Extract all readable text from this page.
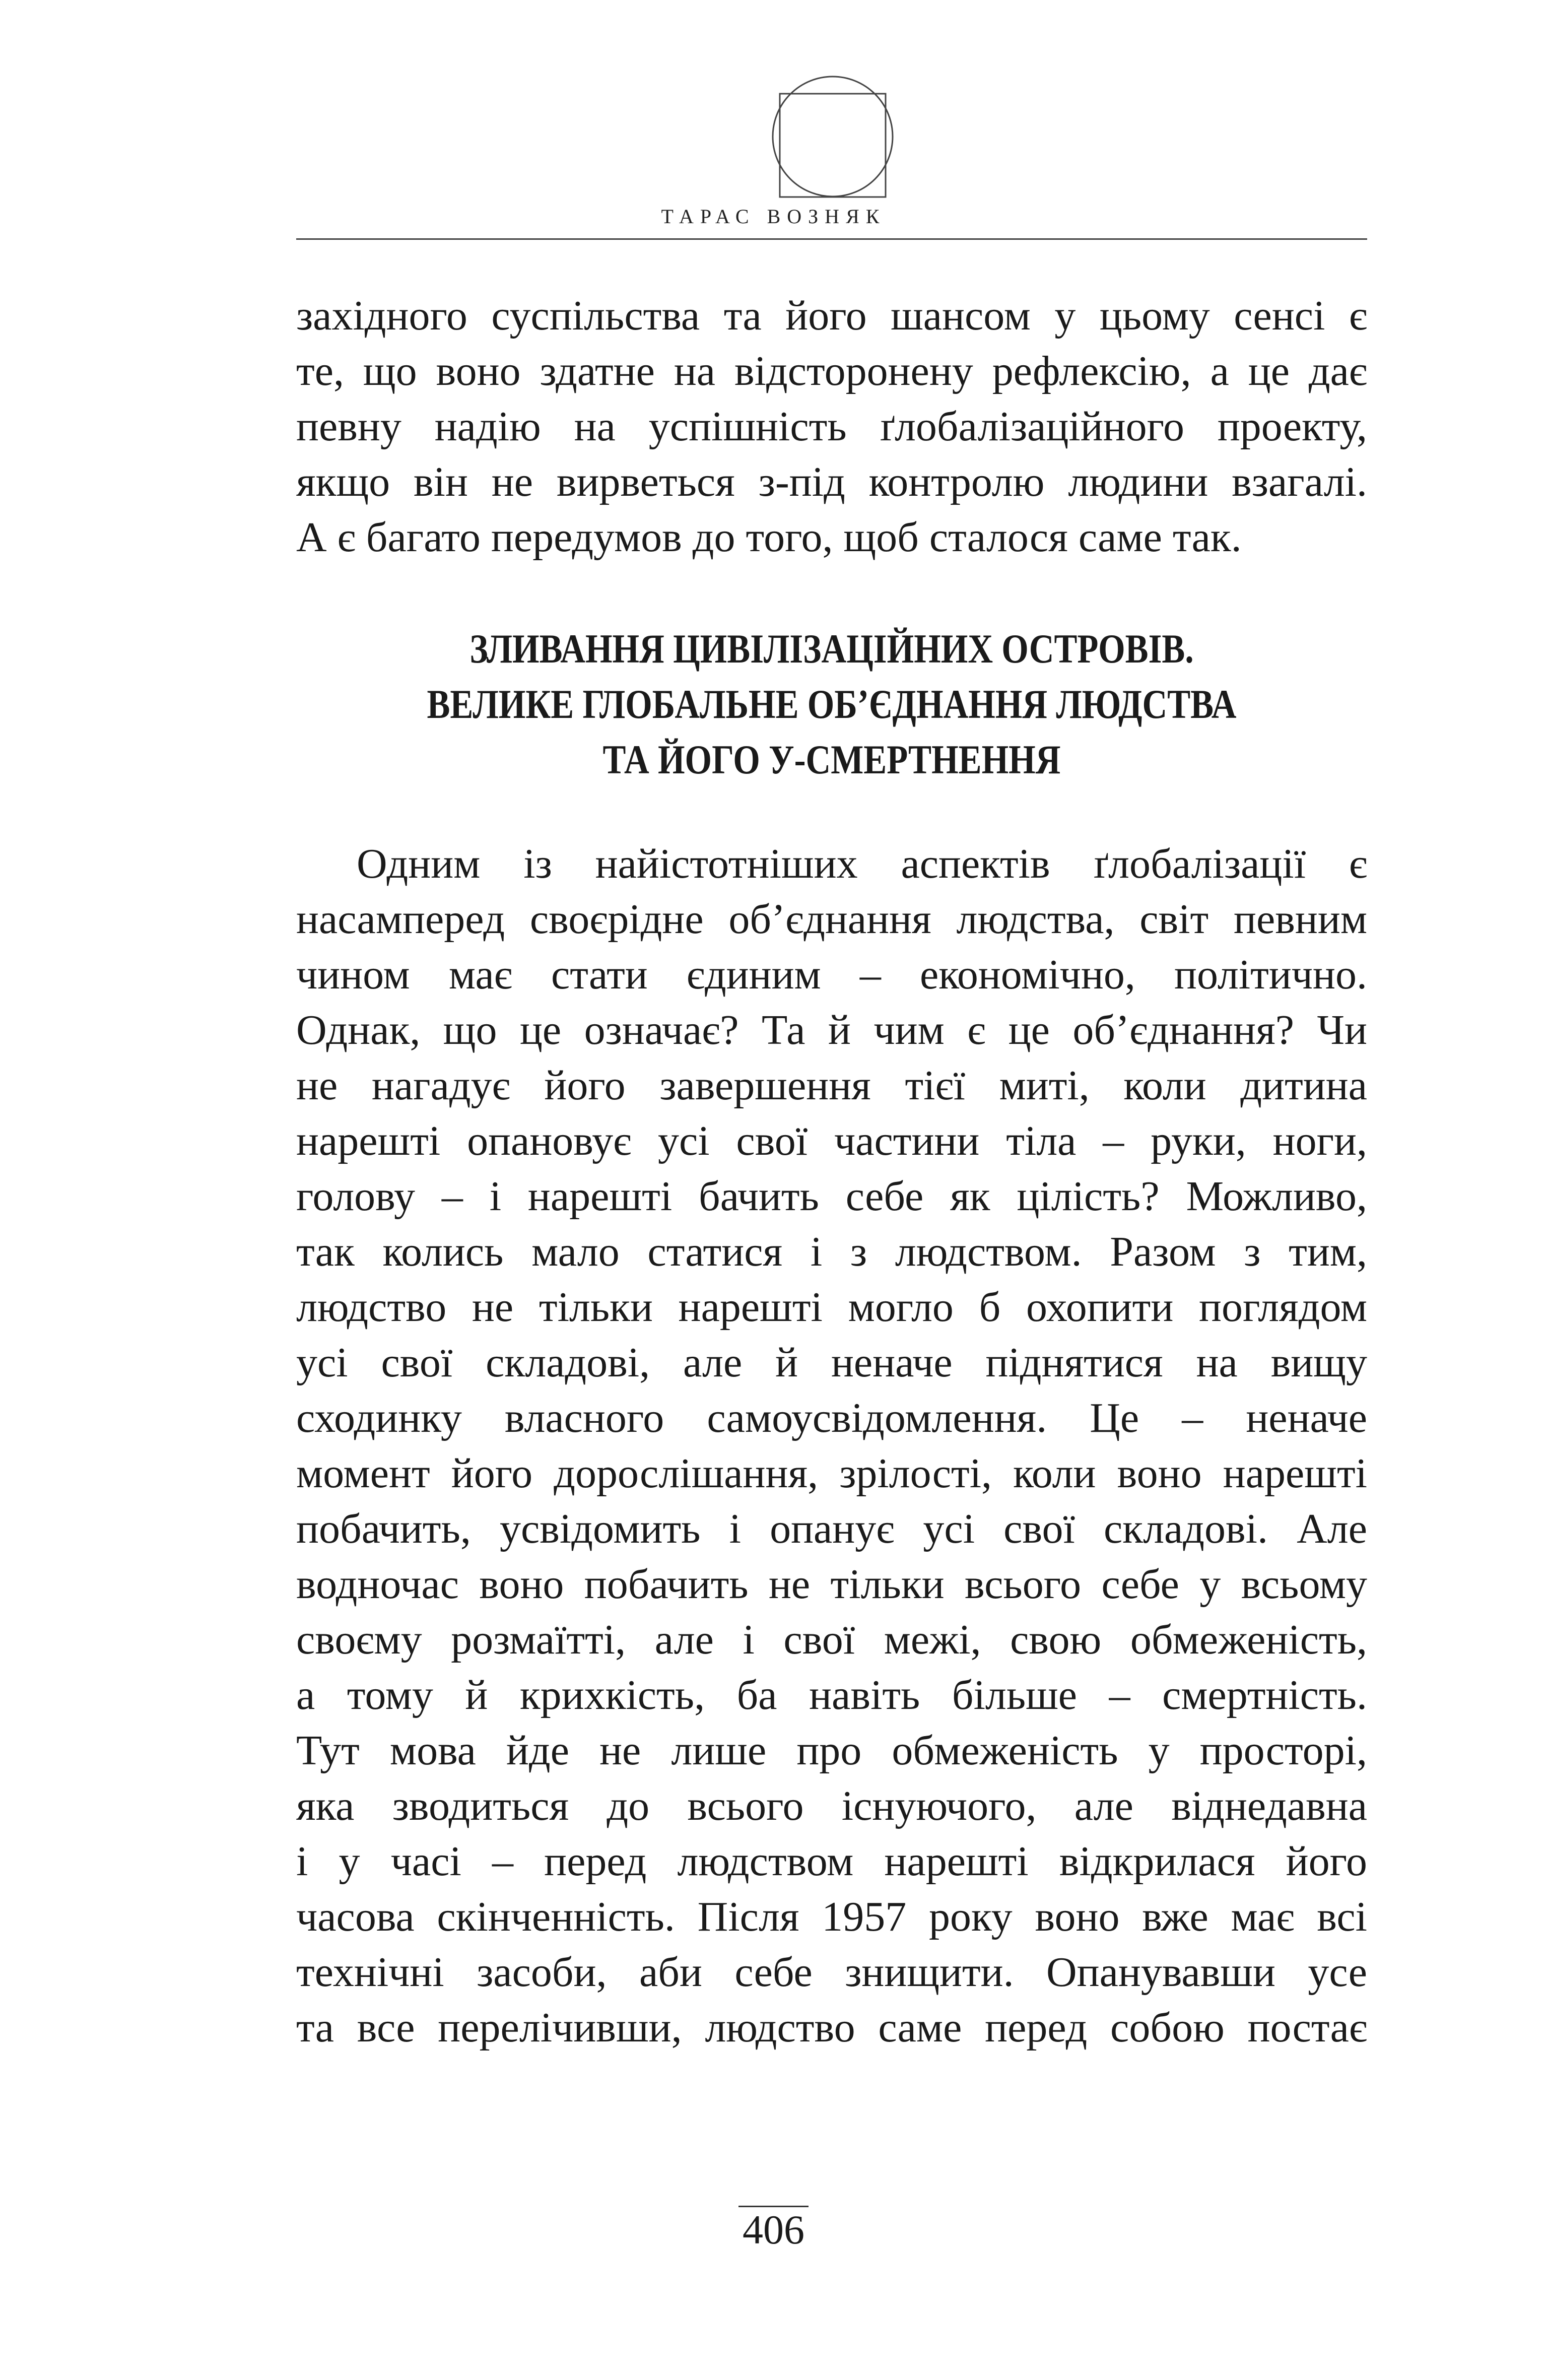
ТАРАС ВОЗНЯК

західного суспільства та його шансом у цьому сенсі є
те, що воно здатне на відсторонену рефлексію, а це дає
певну надію на успішність ґлобалізаційного проекту,
якщо він не вирветься з-під контролю людини взагалі.
А є багато передумов до того, щоб сталося саме так.

ЗЛИВАННЯ ЦИВІЛІЗАЦІЙНИХ ОСТРОВІВ.
ВЕЛИКЕ ГЛОБАЛЬНЕ ОБ’ЄДНАННЯ ЛЮДСТВА
ТА ЙОГО У-СМЕРТНЕННЯ

Одним із найістотніших аспектів ґлобалізації є
насамперед своєрідне об’єднання людства, світ певним
чином має стати єдиним – економічно, політично.
Однак, що це означає? Та й чим є це об’єднання? Чи
не нагадує його завершення тієї миті, коли дитина
нарешті опановує усі свої частини тіла – руки, ноги,
голову – і нарешті бачить себе як цілість? Можливо,
так колись мало статися і з людством. Разом з тим,
людство не тільки нарешті могло б охопити поглядом
усі свої складові, але й неначе піднятися на вищу
сходинку власного самоусвідомлення. Це – неначе
момент його дорослішання, зрілості, коли воно нарешті
побачить, усвідомить і опанує усі свої складові. Але
водночас воно побачить не тільки всього себе у всьому
своєму розмаїтті, але і свої межі, свою обмеженість,
а тому й крихкість, ба навіть більше – смертність.
Тут мова йде не лише про обмеженість у просторі,
яка зводиться до всього існуючого, але віднедавна
і у часі – перед людством нарешті відкрилася його
часова скінченність. Після 1957 року воно вже має всі
технічні засоби, аби себе знищити. Опанувавши усе
та все перелічивши, людство саме перед собою постає

406
